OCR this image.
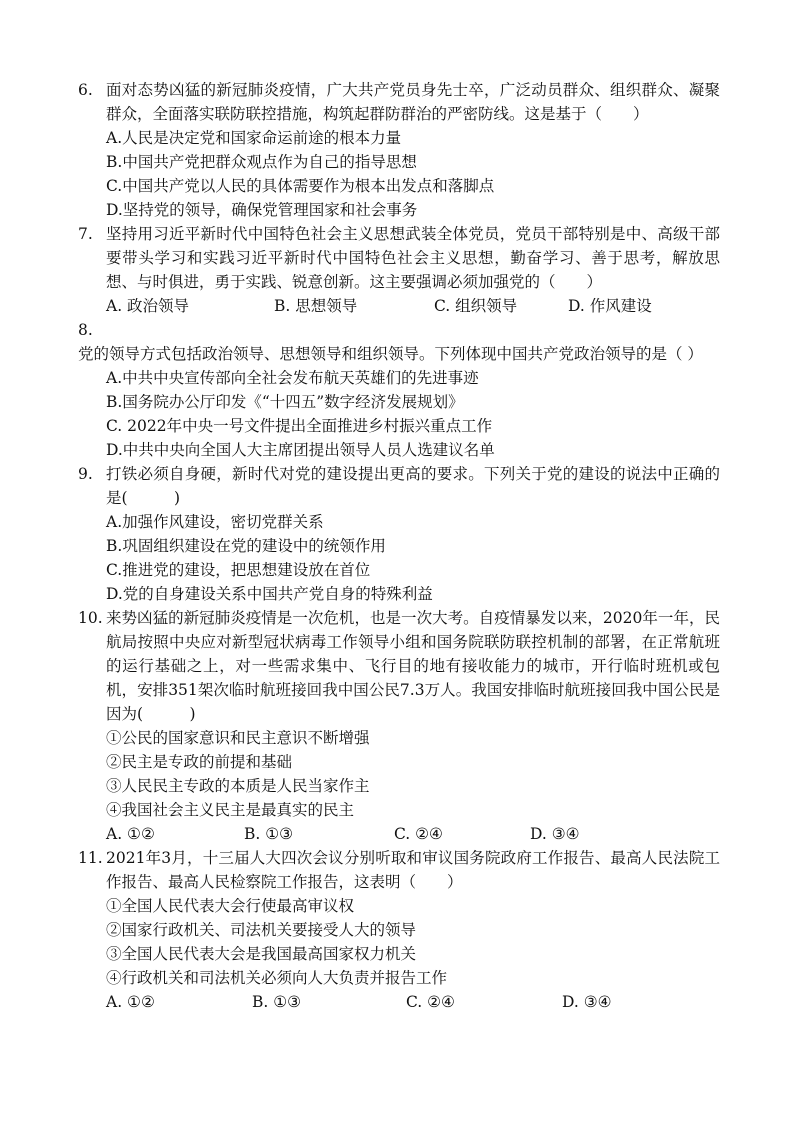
6. 面对态势凶猛的新冠肺炎疫情，广大共产党员身先士卒，广泛动员群众、组织群众、凝聚群众，全面落实联防联控措施，构筑起群防群治的严密防线。这是基于（　　）
A.人民是决定党和国家命运前途的根本力量
B.中国共产党把群众观点作为自己的指导思想
C.中国共产党以人民的具体需要作为根本出发点和落脚点
D.坚持党的领导，确保党管理国家和社会事务
7. 坚持用习近平新时代中国特色社会主义思想武装全体党员，党员干部特别是中、高级干部要带头学习和实践习近平新时代中国特色社会主义思想，勤奋学习、善于思考，解放思想、与时俱进，勇于实践、锐意创新。这主要强调必须加强党的（　　）
A. 政治领导	B. 思想领导	C. 组织领导	D. 作风建设
8. 党的领导方式包括政治领导、思想领导和组织领导。下列体现中国共产党政治领导的是（ ）
A.中共中央宣传部向全社会发布航天英雄们的先进事迹
B.国务院办公厅印发《“十四五”数字经济发展规划》
C. 2022年中央一号文件提出全面推进乡村振兴重点工作
D.中共中央向全国人大主席团提出领导人员人选建议名单
9. 打铁必须自身硬，新时代对党的建设提出更高的要求。下列关于党的建设的说法中正确的是(　　　)
A.加强作风建设，密切党群关系
B.巩固组织建设在党的建设中的统领作用
C.推进党的建设，把思想建设放在首位
D.党的自身建设关系中国共产党自身的特殊利益
10. 来势凶猛的新冠肺炎疫情是一次危机，也是一次大考。自疫情暴发以来，2020年一年，民航局按照中央应对新型冠状病毒工作领导小组和国务院联防联控机制的部署，在正常航班的运行基础之上，对一些需求集中、飞行目的地有接收能力的城市，开行临时班机或包机，安排351架次临时航班接回我中国公民7.3万人。我国安排临时航班接回我中国公民是因为(　　　)
①公民的国家意识和民主意识不断增强
②民主是专政的前提和基础
③人民民主专政的本质是人民当家作主
④我国社会主义民主是最真实的民主
A. ①②	B. ①③	C. ②④	D. ③④
11. 2021年3月，十三届人大四次会议分别听取和审议国务院政府工作报告、最高人民法院工作报告、最高人民检察院工作报告，这表明（　　）
①全国人民代表大会行使最高审议权
②国家行政机关、司法机关要接受人大的领导
③全国人民代表大会是我国最高国家权力机关
④行政机关和司法机关必须向人大负责并报告工作
A. ①②	B. ①③	C. ②④	D. ③④
